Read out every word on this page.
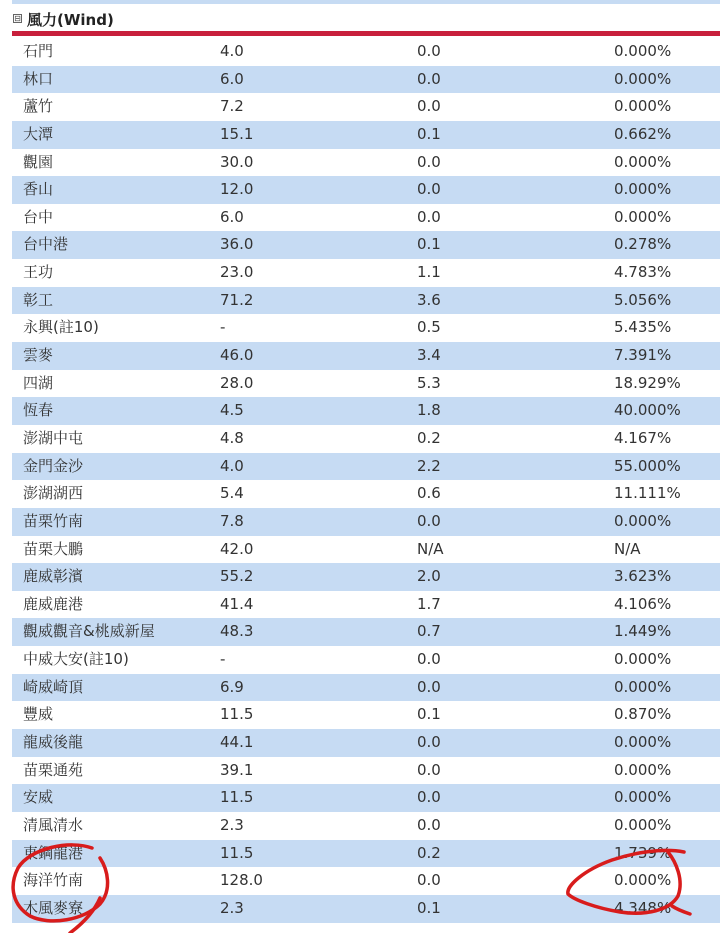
⊟ 風力(Wind)
石門	4.0	0.0	0.000%
林口	6.0	0.0	0.000%
蘆竹	7.2	0.0	0.000%
大潭	15.1	0.1	0.662%
觀園	30.0	0.0	0.000%
香山	12.0	0.0	0.000%
台中	6.0	0.0	0.000%
台中港	36.0	0.1	0.278%
王功	23.0	1.1	4.783%
彰工	71.2	3.6	5.056%
永興(註10)	-	0.5	5.435%
雲麥	46.0	3.4	7.391%
四湖	28.0	5.3	18.929%
恆春	4.5	1.8	40.000%
澎湖中屯	4.8	0.2	4.167%
金門金沙	4.0	2.2	55.000%
澎湖湖西	5.4	0.6	11.111%
苗栗竹南	7.8	0.0	0.000%
苗栗大鵬	42.0	N/A	N/A
鹿威彰濱	55.2	2.0	3.623%
鹿威鹿港	41.4	1.7	4.106%
觀威觀音&桃威新屋	48.3	0.7	1.449%
中威大安(註10)	-	0.0	0.000%
崎威崎頂	6.9	0.0	0.000%
豐威	11.5	0.1	0.870%
龍威後龍	44.1	0.0	0.000%
苗栗通苑	39.1	0.0	0.000%
安威	11.5	0.0	0.000%
清風清水	2.3	0.0	0.000%
東鋼龍港	11.5	0.2	1.739%
海洋竹南	128.0	0.0	0.000%
木風麥寮	2.3	0.1	4.348%
